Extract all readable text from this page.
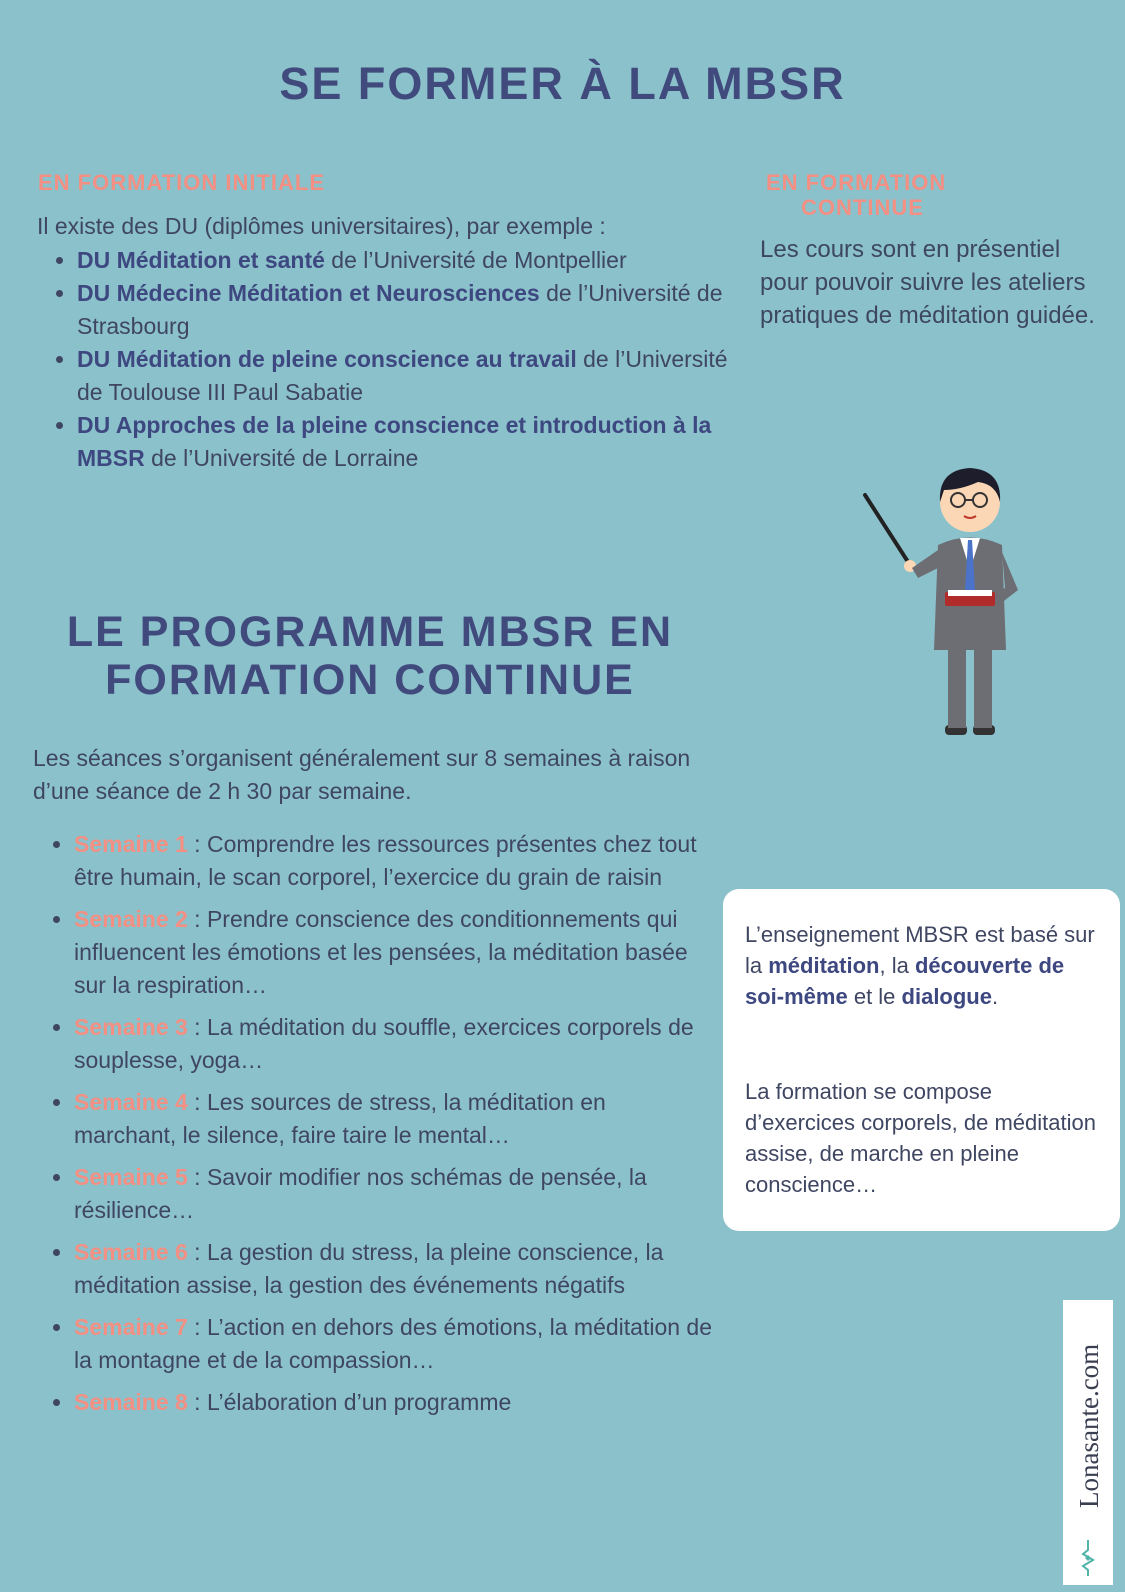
SE FORMER À LA MBSR
EN FORMATION INITIALE

Il existe des DU (diplômes universitaires), par exemple :

• DU Méditation et santé de l’Université de Montpellier
• DU Médecine Méditation et Neurosciences de l’Université de Strasbourg
• DU Méditation de pleine conscience au travail de l’Université de Toulouse III Paul Sabatie
• DU Approches de la pleine conscience et introduction à la MBSR de l’Université de Lorraine
EN FORMATION
CONTINUE

Les cours sont en présentiel pour pouvoir suivre les ateliers pratiques de méditation guidée.

LE PROGRAMME MBSR EN
FORMATION CONTINUE

Les séances s’organisent généralement sur 8 semaines à raison d’une séance de 2 h 30 par semaine.

• Semaine 1 : Comprendre les ressources présentes chez tout être humain, le scan corporel, l’exercice du grain de raisin
• Semaine 2 : Prendre conscience des conditionnements qui influencent les émotions et les pensées, la méditation basée sur la respiration…
• Semaine 3 : La méditation du souffle, exercices corporels de souplesse, yoga…
• Semaine 4 : Les sources de stress, la méditation en marchant, le silence, faire taire le mental…
• Semaine 5 : Savoir modifier nos schémas de pensée, la résilience…
• Semaine 6 : La gestion du stress, la pleine conscience, la méditation assise, la gestion des événements négatifs
• Semaine 7 : L’action en dehors des émotions, la méditation de la montagne et de la compassion…
• Semaine 8 : L’élaboration d’un programme

L’enseignement MBSR est basé sur la méditation, la découverte de soi-même et le dialogue.

La formation se compose d’exercices corporels, de méditation assise, de marche en pleine conscience…

Lonasante.com
